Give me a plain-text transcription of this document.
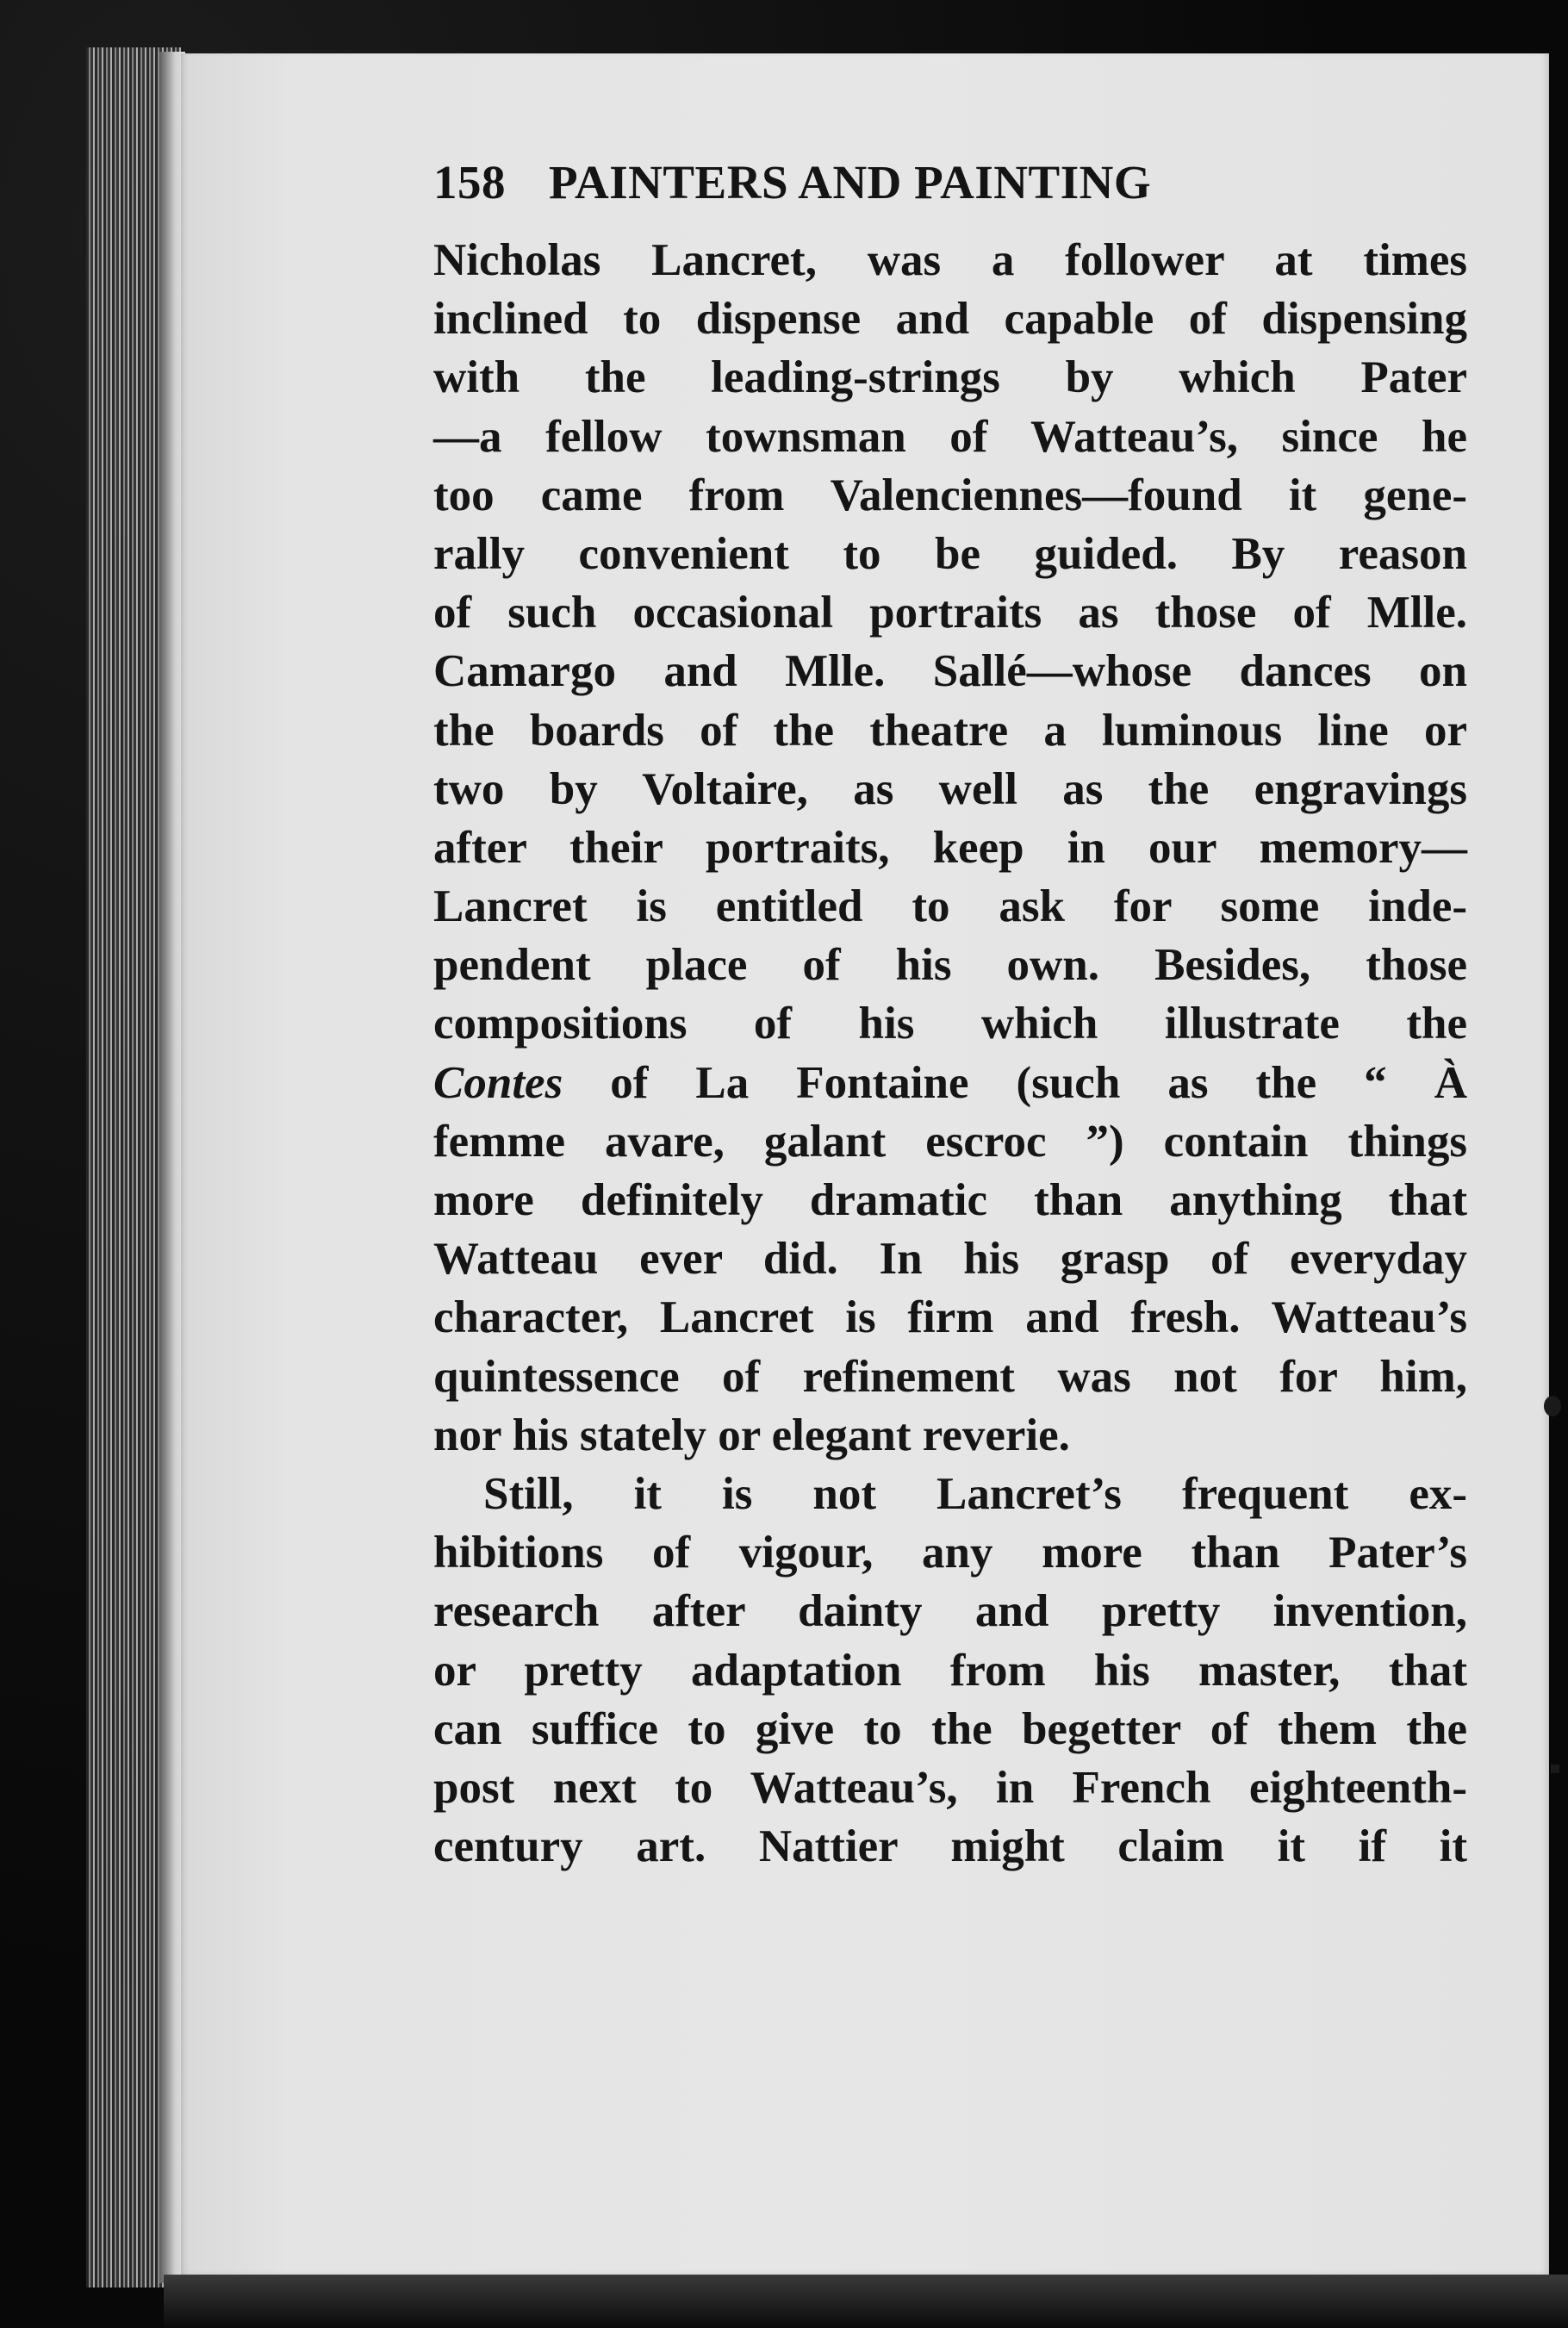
158 PAINTERS AND PAINTING
Nicholas Lancret, was a follower at times
inclined to dispense and capable of dispensing
with the leading-strings by which Pater
—a fellow townsman of Watteau’s, since he
too came from Valenciennes—found it gene-
rally convenient to be guided. By reason
of such occasional portraits as those of Mlle.
Camargo and Mlle. Sallé—whose dances on
the boards of the theatre a luminous line or
two by Voltaire, as well as the engravings
after their portraits, keep in our memory—
Lancret is entitled to ask for some inde-
pendent place of his own. Besides, those
compositions of his which illustrate the
Contes of La Fontaine (such as the “ À
femme avare, galant escroc ”) contain things
more definitely dramatic than anything that
Watteau ever did. In his grasp of everyday
character, Lancret is firm and fresh. Watteau’s
quintessence of refinement was not for him,
nor his stately or elegant reverie.
Still, it is not Lancret’s frequent ex-
hibitions of vigour, any more than Pater’s
research after dainty and pretty invention,
or pretty adaptation from his master, that
can suffice to give to the begetter of them the
post next to Watteau’s, in French eighteenth-
century art. Nattier might claim it if it
